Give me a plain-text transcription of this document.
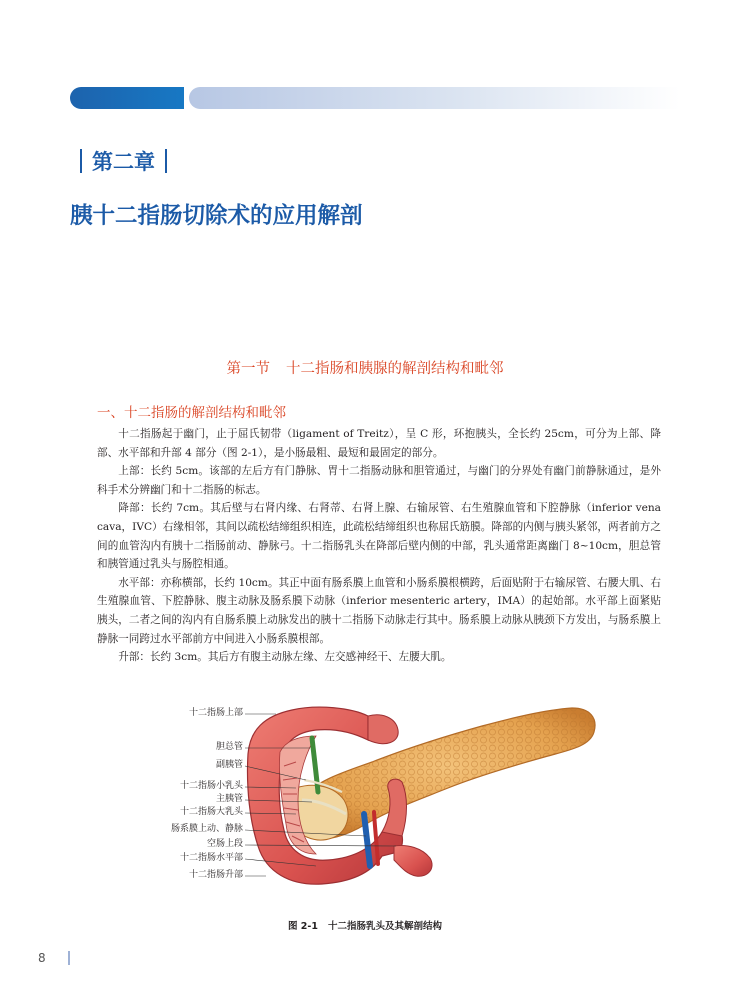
第二章
胰十二指肠切除术的应用解剖
第一节 十二指肠和胰腺的解剖结构和毗邻
一、十二指肠的解剖结构和毗邻

十二指肠起于幽门，止于屈氏韧带（ligament of Treitz），呈 C 形，环抱胰头，全长约 25cm，可分为上部、降部、水平部和升部 4 部分（图 2-1），是小肠最粗、最短和最固定的部分。

上部：长约 5cm。该部的左后方有门静脉、胃十二指肠动脉和胆管通过，与幽门的分界处有幽门前静脉通过，是外科手术分辨幽门和十二指肠的标志。

降部：长约 7cm。其后壁与右肾内缘、右肾蒂、右肾上腺、右输尿管、右生殖腺血管和下腔静脉（inferior vena cava，IVC）右缘相邻，其间以疏松结缔组织相连，此疏松结缔组织也称屈氏筋膜。降部的内侧与胰头紧邻，两者前方之间的血管沟内有胰十二指肠前动、静脉弓。十二指肠乳头在降部后壁内侧的中部，乳头通常距离幽门 8~10cm，胆总管和胰管通过乳头与肠腔相通。

水平部：亦称横部，长约 10cm。其正中面有肠系膜上血管和小肠系膜根横跨，后面贴附于右输尿管、右腰大肌、右生殖腺血管、下腔静脉、腹主动脉及肠系膜下动脉（inferior mesenteric artery，IMA）的起始部。水平部上面紧贴胰头，二者之间的沟内有自肠系膜上动脉发出的胰十二指肠下动脉走行其中。肠系膜上动脉从胰颈下方发出，与肠系膜上静脉一同跨过水平部前方中间进入小肠系膜根部。

升部：长约 3cm。其后方有腹主动脉左缘、左交感神经干、左腰大肌。

十二指肠上部
胆总管
副胰管
十二指肠小乳头
主胰管
十二指肠大乳头
肠系膜上动、静脉
空肠上段
十二指肠水平部
十二指肠升部
图 2-1 十二指肠乳头及其解剖结构
8
